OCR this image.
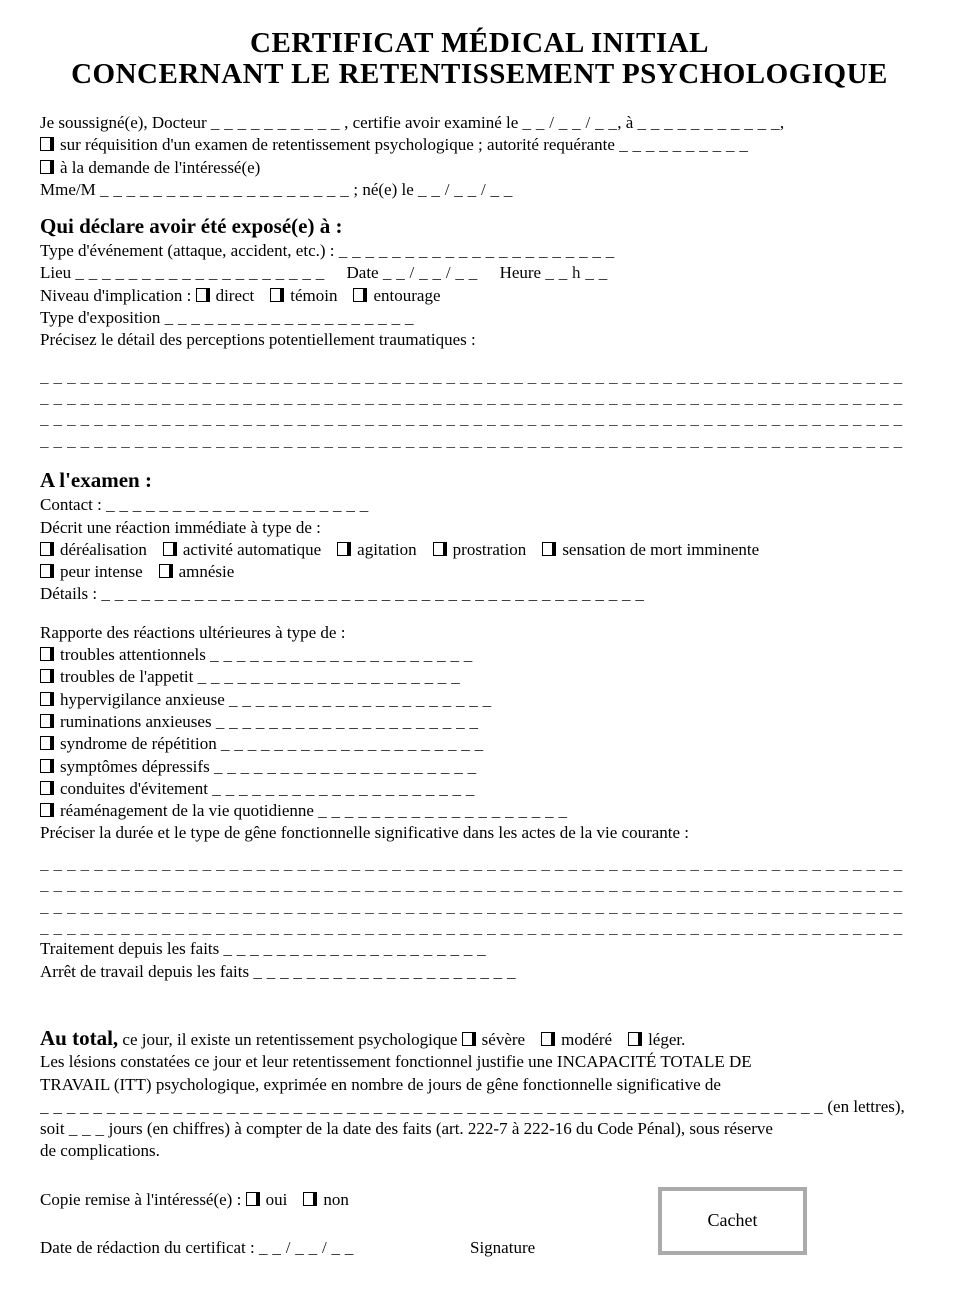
CERTIFICAT MÉDICAL INITIAL
CONCERNANT LE RETENTISSEMENT PSYCHOLOGIQUE
Je soussigné(e), Docteur _ _ _ _ _ _ _ _ _ _ , certifie avoir examiné le _ _ / _ _ / _ _, à _ _ _ _ _ _ _ _ _ _ _,
sur réquisition d'un examen de retentissement psychologique ; autorité requérante _ _ _ _ _ _ _ _ _ _
à la demande de l'intéressé(e)
Mme/M _ _ _ _ _ _ _ _ _ _ _ _ _ _ _ _ _ _ _ ; né(e) le _ _ / _ _ / _ _
Qui déclare avoir été exposé(e) à :
Type d'événement (attaque, accident, etc.) : _ _ _ _ _ _ _ _ _ _ _ _ _ _ _ _ _ _ _ _ _
Lieu _ _ _ _ _ _ _ _ _ _ _ _ _ _ _ _ _ _ _ Date _ _ / _ _ / _ _ Heure _ _ h _ _
Niveau d'implication : direct témoin entourage
Type d'exposition _ _ _ _ _ _ _ _ _ _ _ _ _ _ _ _ _ _ _
Précisez le détail des perceptions potentiellement traumatiques :
_ _ _ _ _ _ _ _ _ _ _ _ _ _ _ _ _ _ _ _ _ _ _ _ _ _ _ _ _ _ _ _ _ _ _ _ _ _ _ _ _ _ _ _ _ _ _ _ _ _ _ _ _ _ _ _ _ _ _ _ _ _ _ _
_ _ _ _ _ _ _ _ _ _ _ _ _ _ _ _ _ _ _ _ _ _ _ _ _ _ _ _ _ _ _ _ _ _ _ _ _ _ _ _ _ _ _ _ _ _ _ _ _ _ _ _ _ _ _ _ _ _ _ _ _ _ _ _
_ _ _ _ _ _ _ _ _ _ _ _ _ _ _ _ _ _ _ _ _ _ _ _ _ _ _ _ _ _ _ _ _ _ _ _ _ _ _ _ _ _ _ _ _ _ _ _ _ _ _ _ _ _ _ _ _ _ _ _ _ _ _ _
_ _ _ _ _ _ _ _ _ _ _ _ _ _ _ _ _ _ _ _ _ _ _ _ _ _ _ _ _ _ _ _ _ _ _ _ _ _ _ _ _ _ _ _ _ _ _ _ _ _ _ _ _ _ _ _ _ _ _ _ _ _ _ _
A l'examen :
Contact : _ _ _ _ _ _ _ _ _ _ _ _ _ _ _ _ _ _ _ _
Décrit une réaction immédiate à type de :
déréalisation activité automatique agitation prostration sensation de mort imminente
peur intense amnésie
Détails : _ _ _ _ _ _ _ _ _ _ _ _ _ _ _ _ _ _ _ _ _ _ _ _ _ _ _ _ _ _ _ _ _ _ _ _ _ _ _ _ _
Rapporte des réactions ultérieures à type de :
troubles attentionnels _ _ _ _ _ _ _ _ _ _ _ _ _ _ _ _ _ _ _ _
troubles de l'appetit _ _ _ _ _ _ _ _ _ _ _ _ _ _ _ _ _ _ _ _
hypervigilance anxieuse _ _ _ _ _ _ _ _ _ _ _ _ _ _ _ _ _ _ _ _
ruminations anxieuses _ _ _ _ _ _ _ _ _ _ _ _ _ _ _ _ _ _ _ _
syndrome de répétition _ _ _ _ _ _ _ _ _ _ _ _ _ _ _ _ _ _ _ _
symptômes dépressifs _ _ _ _ _ _ _ _ _ _ _ _ _ _ _ _ _ _ _ _
conduites d'évitement _ _ _ _ _ _ _ _ _ _ _ _ _ _ _ _ _ _ _ _
réaménagement de la vie quotidienne _ _ _ _ _ _ _ _ _ _ _ _ _ _ _ _ _ _ _
Préciser la durée et le type de gêne fonctionnelle significative dans les actes de la vie courante :
_ _ _ _ _ _ _ _ _ _ _ _ _ _ _ _ _ _ _ _ _ _ _ _ _ _ _ _ _ _ _ _ _ _ _ _ _ _ _ _ _ _ _ _ _ _ _ _ _ _ _ _ _ _ _ _ _ _ _ _ _ _ _ _
_ _ _ _ _ _ _ _ _ _ _ _ _ _ _ _ _ _ _ _ _ _ _ _ _ _ _ _ _ _ _ _ _ _ _ _ _ _ _ _ _ _ _ _ _ _ _ _ _ _ _ _ _ _ _ _ _ _ _ _ _ _ _ _
_ _ _ _ _ _ _ _ _ _ _ _ _ _ _ _ _ _ _ _ _ _ _ _ _ _ _ _ _ _ _ _ _ _ _ _ _ _ _ _ _ _ _ _ _ _ _ _ _ _ _ _ _ _ _ _ _ _ _ _ _ _ _ _
_ _ _ _ _ _ _ _ _ _ _ _ _ _ _ _ _ _ _ _ _ _ _ _ _ _ _ _ _ _ _ _ _ _ _ _ _ _ _ _ _ _ _ _ _ _ _ _ _ _ _ _ _ _ _ _ _ _ _ _ _ _ _ _
Traitement depuis les faits _ _ _ _ _ _ _ _ _ _ _ _ _ _ _ _ _ _ _ _
Arrêt de travail depuis les faits _ _ _ _ _ _ _ _ _ _ _ _ _ _ _ _ _ _ _ _
Au total, ce jour, il existe un retentissement psychologique sévère modéré léger.
Les lésions constatées ce jour et leur retentissement fonctionnel justifie une INCAPACITÉ TOTALE DE
TRAVAIL (ITT) psychologique, exprimée en nombre de jours de gêne fonctionnelle significative de
_ _ _ _ _ _ _ _ _ _ _ _ _ _ _ _ _ _ _ _ _ _ _ _ _ _ _ _ _ _ _ _ _ _ _ _ _ _ _ _ _ _ _ _ _ _ _ _ _ _ _ _ _ _ _ _ _ _ _ (en lettres),
soit _ _ _ jours (en chiffres) à compter de la date des faits (art. 222-7 à 222-16 du Code Pénal), sous réserve
de complications.
Copie remise à l'intéressé(e) : oui non
Date de rédaction du certificat : _ _ / _ _ / _ _	Signature
Cachet
